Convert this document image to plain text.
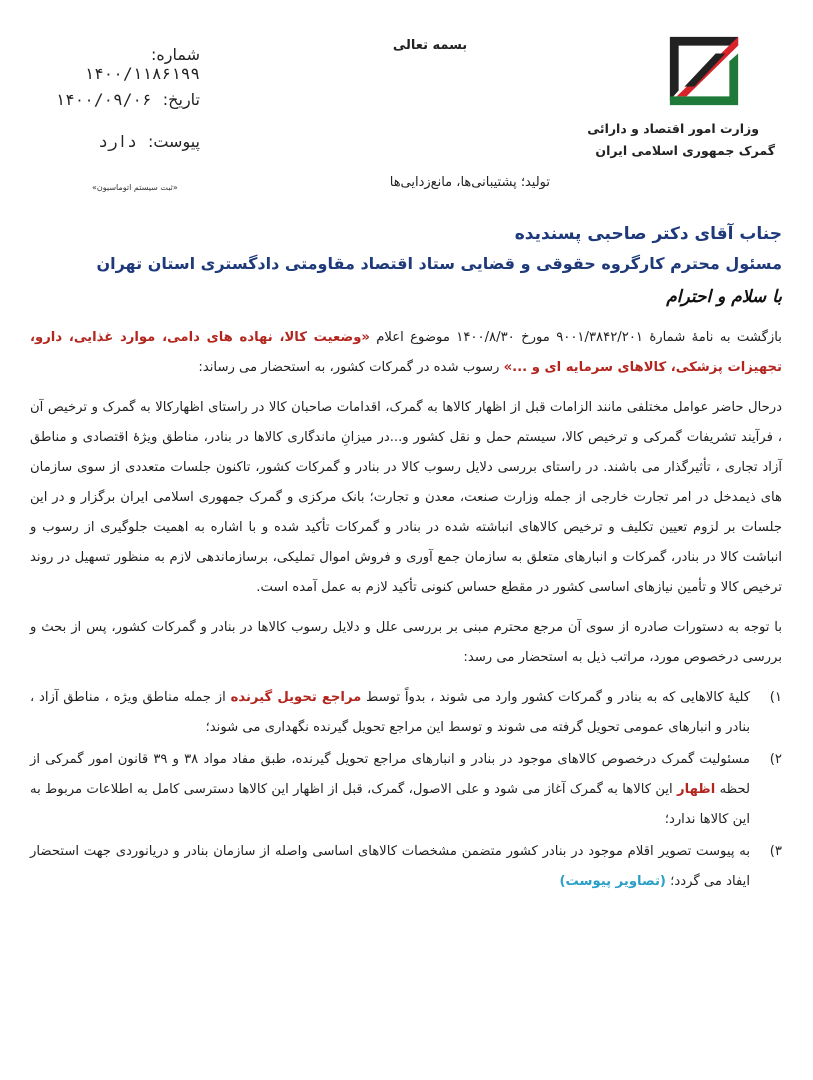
بسمه تعالی
شماره: ۱۴۰۰/۱۱۸۶۱۹۹
تاریخ: ۱۴۰۰/۰۹/۰۶
پیوست: دارد
«ثبت سیستم اتوماسیون»	تولید؛ پشتیبانی‌ها، مانع‌زدایی‌ها
وزارت امور اقتصاد و دارائی
گمرک جمهوری اسلامی ایران
جناب آقای دکتر صاحبی پسندیده
مسئول محترم کارگروه حقوقی و قضایی ستاد اقتصاد مقاومتی دادگستری استان تهران
با سلام و احترام

بازگشت به نامهٔ شمارهٔ ۹۰۰۱/۳۸۴۲/۲۰۱ مورخ ۱۴۰۰/۸/۳۰ موضوع اعلام «وضعیت کالا، نهاده های دامی، موارد غذایی، دارو، تجهیزات پزشکی، کالاهای سرمایه ای و ...» رسوب شده در گمرکات کشور، به استحضار می رساند:

درحال حاضر عوامل مختلفی مانند الزامات قبل از اظهار کالاها به گمرک، اقدامات صاحبان کالا در راستای اظهارکالا به گمرک و ترخیص آن ، فرآیند تشریفات گمرکی و ترخیص کالا، سیستم حمل و نقل کشور و...در میزانِ ماندگاری کالاها در بنادر، مناطق ویژهٔ اقتصادی و مناطق آزاد تجاری ، تأثیرگذار می باشند. در راستای بررسی دلایل رسوب کالا در بنادر و گمرکات کشور، تاکنون جلسات متعددی از سوی سازمان های ذیمدخل در امر تجارت خارجی از جمله وزارت صنعت، معدن و تجارت؛ بانک مرکزی و گمرک جمهوری اسلامی ایران برگزار و در این جلسات بر لزوم تعیین تکلیف و ترخیص کالاهای انباشته شده در بنادر و گمرکات تأکید شده و با اشاره به اهمیت جلوگیری از رسوب و انباشت کالا در بنادر، گمرکات و انبارهای متعلق به سازمان جمع آوری و فروش اموال تملیکی، برسازماندهی لازم به منظور تسهیل در روند ترخیص کالا و تأمین نیازهای اساسی کشور در مقطع حساس کنونی تأکید لازم به عمل آمده است.

با توجه به دستورات صادره از سوی آن مرجع محترم مبنی بر بررسی علل و دلایل رسوب کالاها در بنادر و گمرکات کشور، پس از بحث و بررسی درخصوص مورد، مراتب ذیل به استحضار می رسد:

۱)
کلیهٔ کالاهایی که به بنادر و گمرکات کشور وارد می شوند ، بدواً توسط مراجع تحویل گیرنده از جمله مناطق ویژه ، مناطق آزاد ، بنادر و انبارهای عمومی تحویل گرفته می شوند و توسط این مراجع تحویل گیرنده نگهداری می شوند؛
۲)
مسئولیت گمرک درخصوص کالاهای موجود در بنادر و انبارهای مراجع تحویل گیرنده، طبق مفاد مواد ۳۸ و ۳۹ قانون امور گمرکی از لحظه اظهار این کالاها به گمرک آغاز می شود و علی الاصول، گمرک، قبل از اظهار این کالاها دسترسی کامل به اطلاعات مربوط به این کالاها ندارد؛
۳)
به پیوست تصویر اقلام موجود در بنادر کشور متضمن مشخصات کالاهای اساسی واصله از سازمان بنادر و دریانوردی جهت استحضار ایفاد می گردد؛ (تصاویر پیوست)
